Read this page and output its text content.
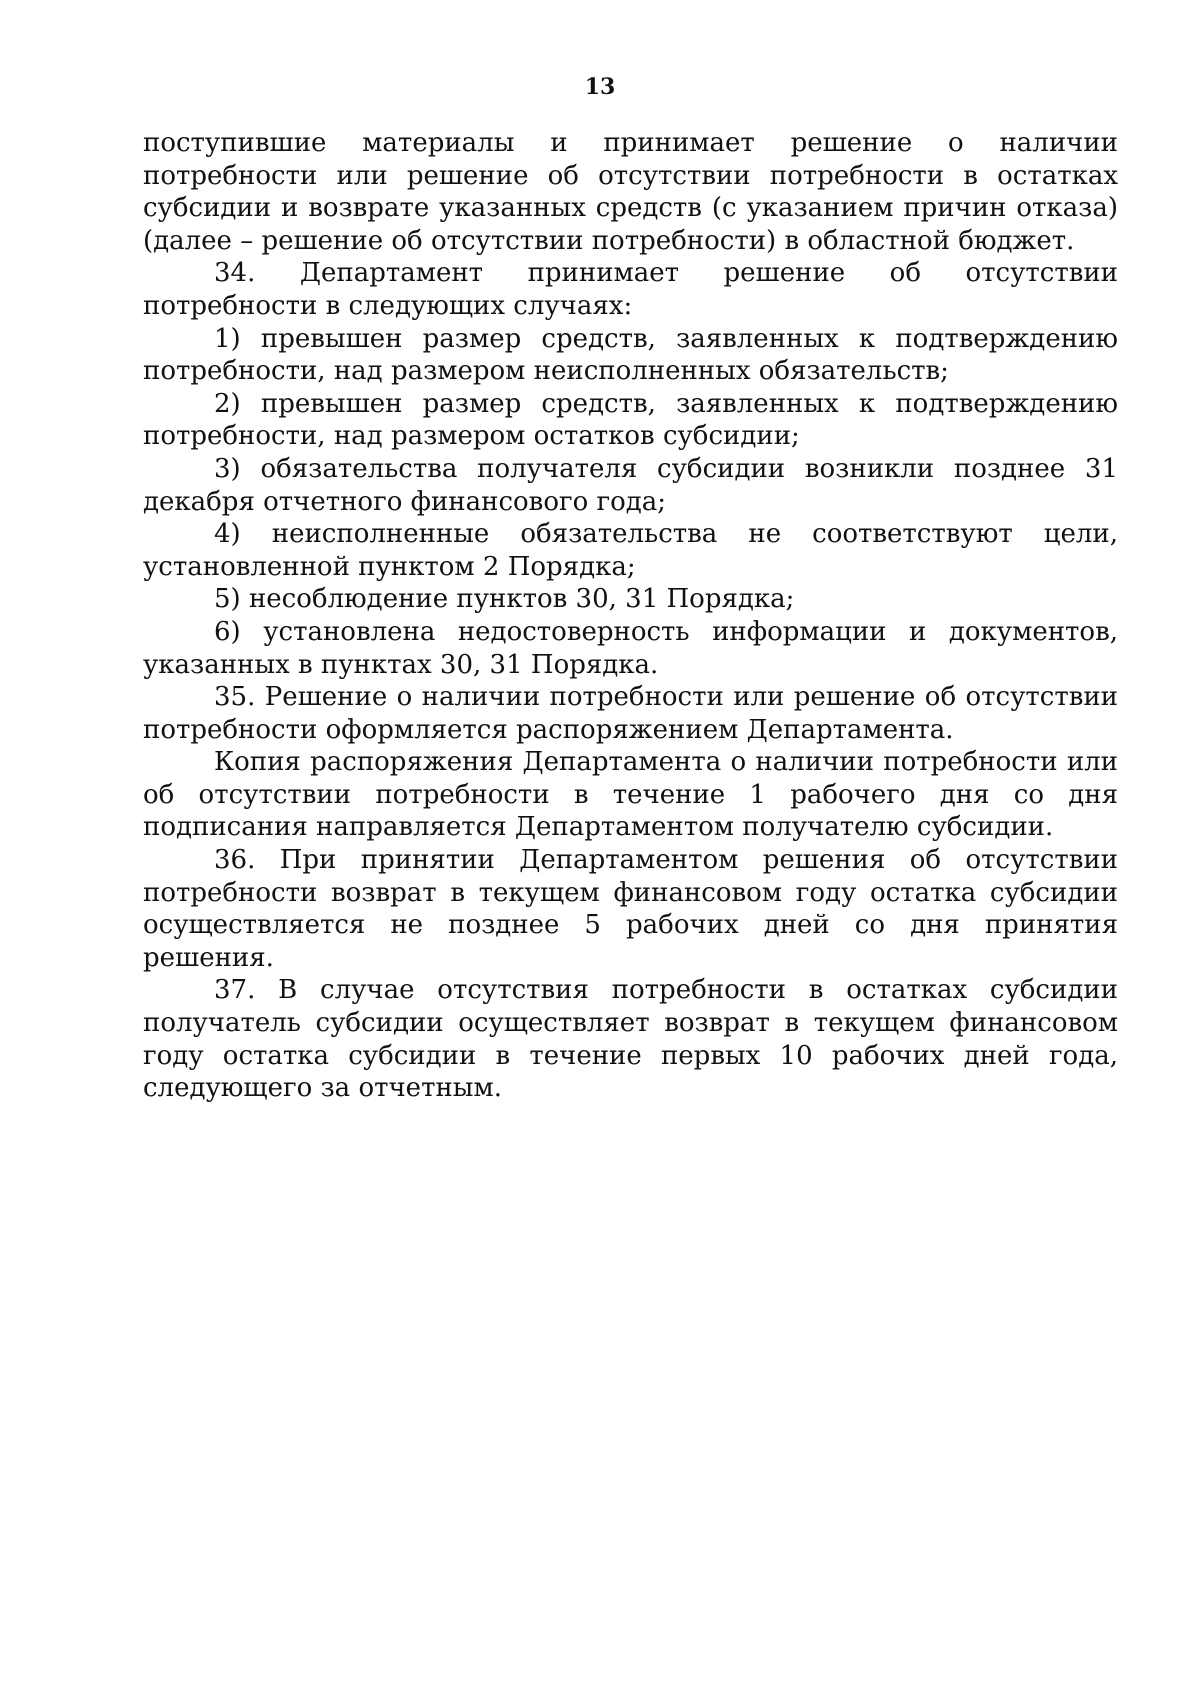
13

поступившие материалы и принимает решение о наличии потребности или решение об отсутствии потребности в остатках субсидии и возврате указанных средств (с указанием причин отказа) (далее – решение об отсутствии потребности) в областной бюджет.

34. Департамент принимает решение об отсутствии потребности в следующих случаях:

1) превышен размер средств, заявленных к подтверждению потребности, над размером неисполненных обязательств;

2) превышен размер средств, заявленных к подтверждению потребности, над размером остатков субсидии;

3) обязательства получателя субсидии возникли позднее 31 декабря отчетного финансового года;

4) неисполненные обязательства не соответствуют цели, установленной пунктом 2 Порядка;

5) несоблюдение пунктов 30, 31 Порядка;

6) установлена недостоверность информации и документов, указанных в пунктах 30, 31 Порядка.

35. Решение о наличии потребности или решение об отсутствии потребности оформляется распоряжением Департамента.

Копия распоряжения Департамента о наличии потребности или об отсутствии потребности в течение 1 рабочего дня со дня подписания направляется Департаментом получателю субсидии.

36. При принятии Департаментом решения об отсутствии потребности возврат в текущем финансовом году остатка субсидии осуществляется не позднее 5 рабочих дней со дня принятия решения.

37. В случае отсутствия потребности в остатках субсидии получатель субсидии осуществляет возврат в текущем финансовом году остатка субсидии в течение первых 10 рабочих дней года, следующего за отчетным.
